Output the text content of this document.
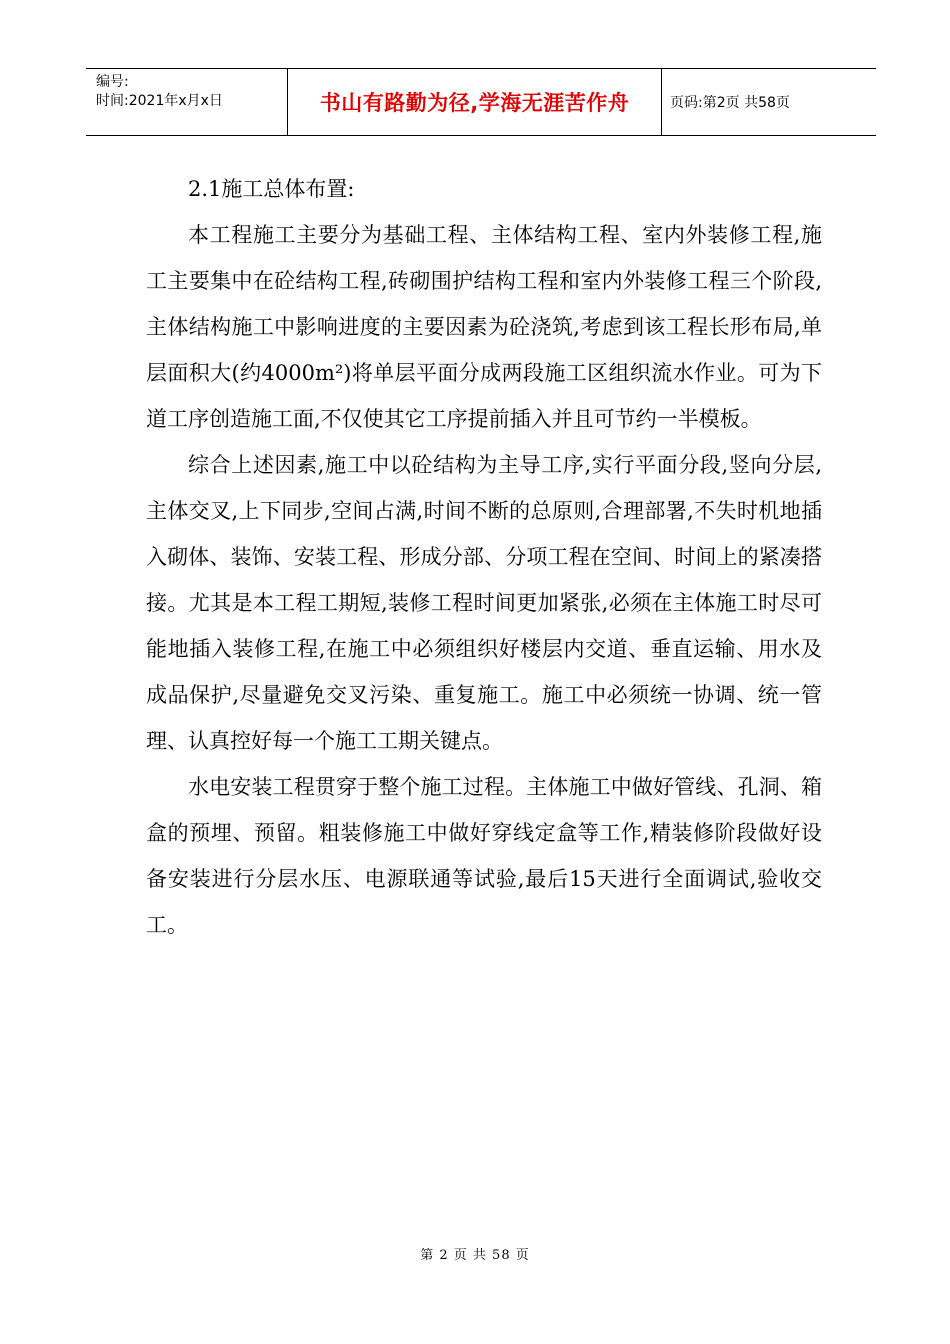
编号:
时间:2021年x月x日	书山有路勤为径,学海无涯苦作舟	页码:第2页 共58页

2.1施工总体布置:

本工程施工主要分为基础工程、主体结构工程、室内外装修工程,施工主要集中在砼结构工程,砖砌围护结构工程和室内外装修工程三个阶段,主体结构施工中影响进度的主要因素为砼浇筑,考虑到该工程长形布局,单层面积大(约4000m²)将单层平面分成两段施工区组织流水作业。可为下道工序创造施工面,不仅使其它工序提前插入并且可节约一半模板。

综合上述因素,施工中以砼结构为主导工序,实行平面分段,竖向分层,主体交叉,上下同步,空间占满,时间不断的总原则,合理部署,不失时机地插入砌体、装饰、安装工程、形成分部、分项工程在空间、时间上的紧凑搭接。尤其是本工程工期短,装修工程时间更加紧张,必须在主体施工时尽可能地插入装修工程,在施工中必须组织好楼层内交道、垂直运输、用水及成品保护,尽量避免交叉污染、重复施工。施工中必须统一协调、统一管理、认真控好每一个施工工期关键点。

水电安装工程贯穿于整个施工过程。主体施工中做好管线、孔洞、箱盒的预埋、预留。粗装修施工中做好穿线定盒等工作,精装修阶段做好设备安装进行分层水压、电源联通等试验,最后15天进行全面调试,验收交工。

第 2 页 共 58 页
